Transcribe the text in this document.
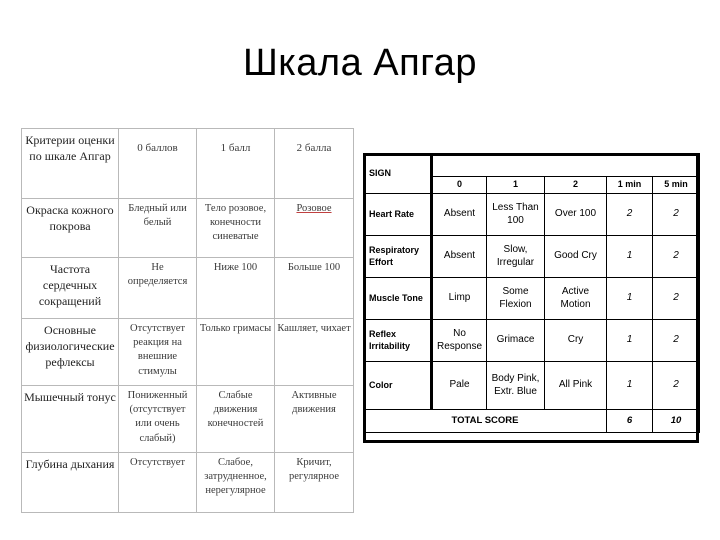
Шкала Апгар
Критерии оценки по шкале Апгар	0 баллов	1 балл	2 балла
Окраска кожного покрова	Бледный или белый	Тело розовое, конечности синеватые	Розовое
Частота сердечных сокращений	Не определяется	Ниже 100	Больше 100
Основные физиологические рефлексы	Отсутствует реакция на внешние стимулы	Только гримасы	Кашляет, чихает
Мышечный тонус	Пониженный (отсутствует или очень слабый)	Слабые движения конечностей	Активные движения
Глубина дыхания	Отсутствует	Слабое, затрудненное, нерегулярное	Кричит, регулярное
SIGN					
	0	1	2	1 min	5 min
Heart Rate	Absent	Less Than 100	Over 100	2	2
Respiratory Effort	Absent	Slow, Irregular	Good Cry	1	2
Muscle Tone	Limp	Some Flexion	Active Motion	1	2
Reflex Irritability	No Response	Grimace	Cry	1	2
Color	Pale	Body Pink, Extr. Blue	All Pink	1	2
TOTAL SCORE				6	10
